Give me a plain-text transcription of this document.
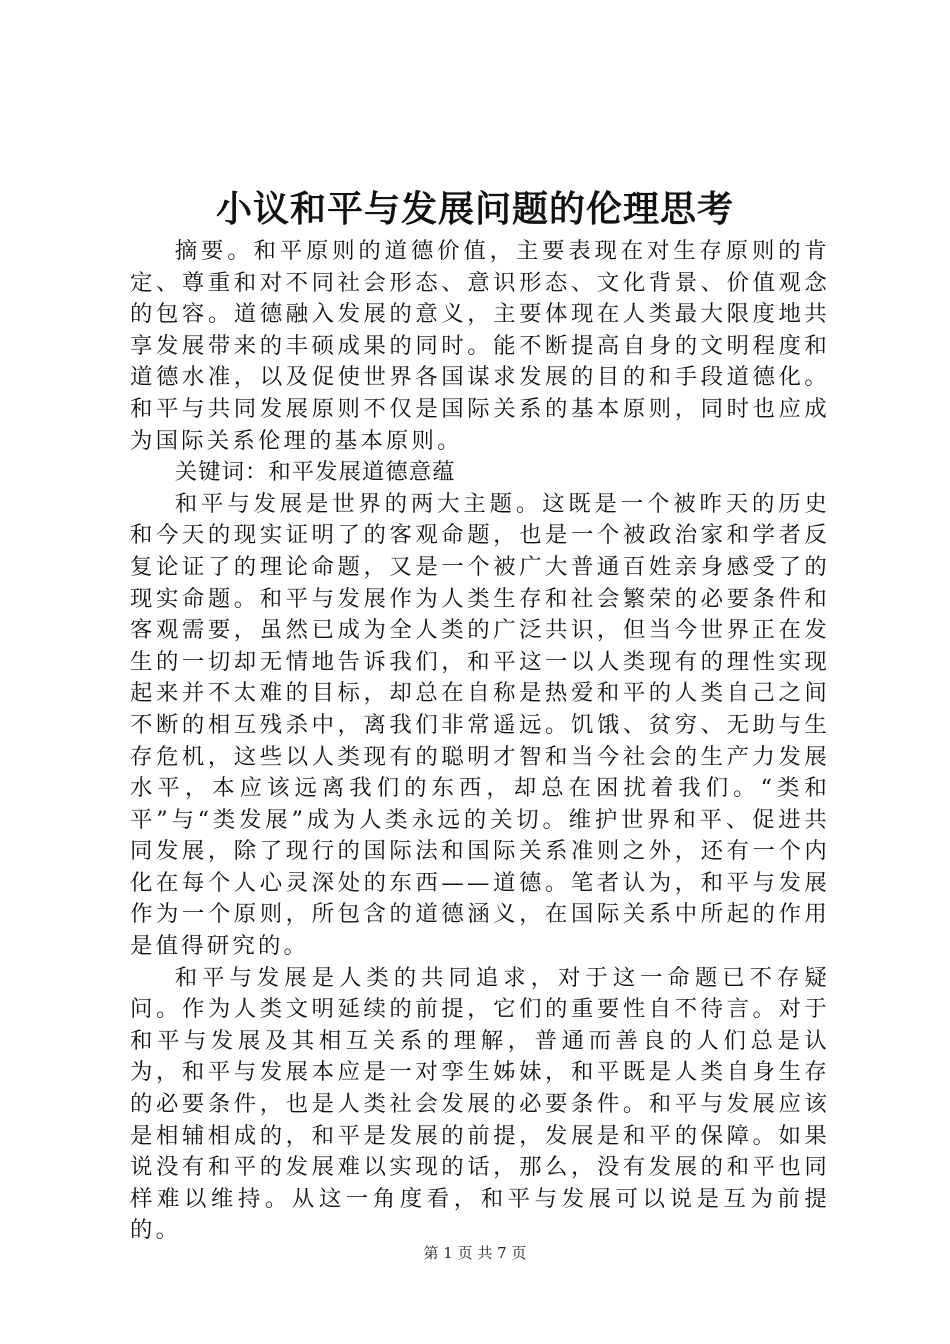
小议和平与发展问题的伦理思考

摘要。和平原则的道德价值，主要表现在对生存原则的肯定、尊重和对不同社会形态、意识形态、文化背景、价值观念的包容。道德融入发展的意义，主要体现在人类最大限度地共享发展带来的丰硕成果的同时。能不断提高自身的文明程度和道德水准，以及促使世界各国谋求发展的目的和手段道德化。和平与共同发展原则不仅是国际关系的基本原则，同时也应成为国际关系伦理的基本原则。

关键词：和平发展道德意蕴

和平与发展是世界的两大主题。这既是一个被昨天的历史和今天的现实证明了的客观命题，也是一个被政治家和学者反复论证了的理论命题，又是一个被广大普通百姓亲身感受了的现实命题。和平与发展作为人类生存和社会繁荣的必要条件和客观需要，虽然已成为全人类的广泛共识，但当今世界正在发生的一切却无情地告诉我们，和平这一以人类现有的理性实现起来并不太难的目标，却总在自称是热爱和平的人类自己之间不断的相互残杀中，离我们非常遥远。饥饿、贫穷、无助与生存危机，这些以人类现有的聪明才智和当今社会的生产力发展水平，本应该远离我们的东西，却总在困扰着我们。“类和平”与“类发展”成为人类永远的关切。维护世界和平、促进共同发展，除了现行的国际法和国际关系准则之外，还有一个内化在每个人心灵深处的东西——道德。笔者认为，和平与发展作为一个原则，所包含的道德涵义，在国际关系中所起的作用是值得研究的。

和平与发展是人类的共同追求，对于这一命题已不存疑问。作为人类文明延续的前提，它们的重要性自不待言。对于和平与发展及其相互关系的理解，普通而善良的人们总是认为，和平与发展本应是一对孪生姊妹，和平既是人类自身生存的必要条件，也是人类社会发展的必要条件。和平与发展应该是相辅相成的，和平是发展的前提，发展是和平的保障。如果说没有和平的发展难以实现的话，那么，没有发展的和平也同样难以维持。从这一角度看，和平与发展可以说是互为前提的。

第 1 页 共 7 页
